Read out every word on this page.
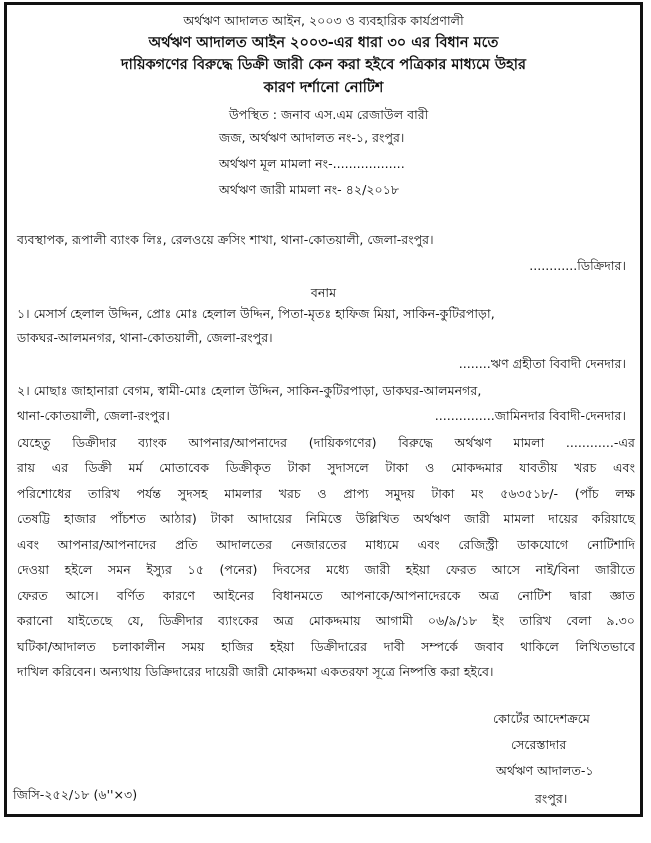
অর্থঋণ আদালত আইন, ২০০৩ ও ব্যবহারিক কার্যপ্রণালী
অর্থঋণ আদালত আইন ২০০৩-এর ধারা ৩০ এর বিধান মতে
দায়িকগণের বিরুদ্ধে ডিক্রী জারী কেন করা হইবে পত্রিকার মাধ্যমে উহার
কারণ দর্শানো নোটিশ
উপস্থিত : জনাব এস.এম রেজাউল বারী
জজ, অর্থঋণ আদালত নং-১, রংপুর।
অর্থঋণ মূল মামলা নং-..................
অর্থঋণ জারী মামলা নং- ৪২/২০১৮
ব্যবস্থাপক, রূপালী ব্যাংক লিঃ, রেলওয়ে ক্রসিং শাখা, থানা-কোতয়ালী, জেলা-রংপুর।
............ডিক্রিদার।
বনাম
১। মেসার্স হেলাল উদ্দিন, প্রোঃ মোঃ হেলাল উদ্দিন, পিতা-মৃতঃ হাফিজ মিয়া, সাকিন-কুটিরপাড়া,
ডাকঘর-আলমনগর, থানা-কোতয়ালী, জেলা-রংপুর।
........ঋণ গ্রহীতা বিবাদী দেনদার।
২। মোছাঃ জাহানারা বেগম, স্বামী-মোঃ হেলাল উদ্দিন, সাকিন-কুটিরপাড়া, ডাকঘর-আলমনগর,
থানা-কোতয়ালী, জেলা-রংপুর।	...............জামিনদার বিবাদী-দেনদার।
যেহেতু ডিক্রীদার ব্যাংক আপনার/আপনাদের (দায়িকগণের) বিরুদ্ধে অর্থঋণ মামলা ............-এর
রায় এর ডিক্রী মর্ম মোতাবেক ডিক্রীকৃত টাকা সুদাসলে টাকা ও মোকদ্দমার যাবতীয় খরচ এবং
পরিশোধের তারিখ পর্যন্ত সুদসহ মামলার খরচ ও প্রাপ্য সমুদয় টাকা মং ৫৬৩৫১৮/- (পাঁচ লক্ষ
তেষট্টি হাজার পাঁচশত আঠার) টাকা আদায়ের নিমিত্তে উল্লিখিত অর্থঋণ জারী মামলা দায়ের করিয়াছে
এবং আপনার/আপনাদের প্রতি আদালতের নেজারতের মাধ্যমে এবং রেজিস্ট্রী ডাকযোগে নোটিশাদি
দেওয়া হইলে সমন ইস্যুর ১৫ (পনের) দিবসের মধ্যে জারী হইয়া ফেরত আসে নাই/বিনা জারীতে
ফেরত আসে। বর্ণিত কারণে আইনের বিধানমতে আপনাকে/আপনাদেরকে অত্র নোটিশ দ্বারা জ্ঞাত
করানো যাইতেছে যে, ডিক্রীদার ব্যাংকের অত্র মোকদ্দমায় আগামী ০৬/৯/১৮ ইং তারিখ বেলা ৯.৩০
ঘটিকা/আদালত চলাকালীন সময় হাজির হইয়া ডিক্রীদারের দাবী সম্পর্কে জবাব থাকিলে লিখিতভাবে
দাখিল করিবেন। অন্যথায় ডিক্রিদারের দায়েরী জারী মোকদ্দমা একতরফা সূত্রে নিষ্পত্তি করা হইবে।
কোর্টের আদেশক্রমে
সেরেস্তাদার
অর্থঋণ আদালত-১
রংপুর।
জিসি-২৫২/১৮ (৬''×৩)
